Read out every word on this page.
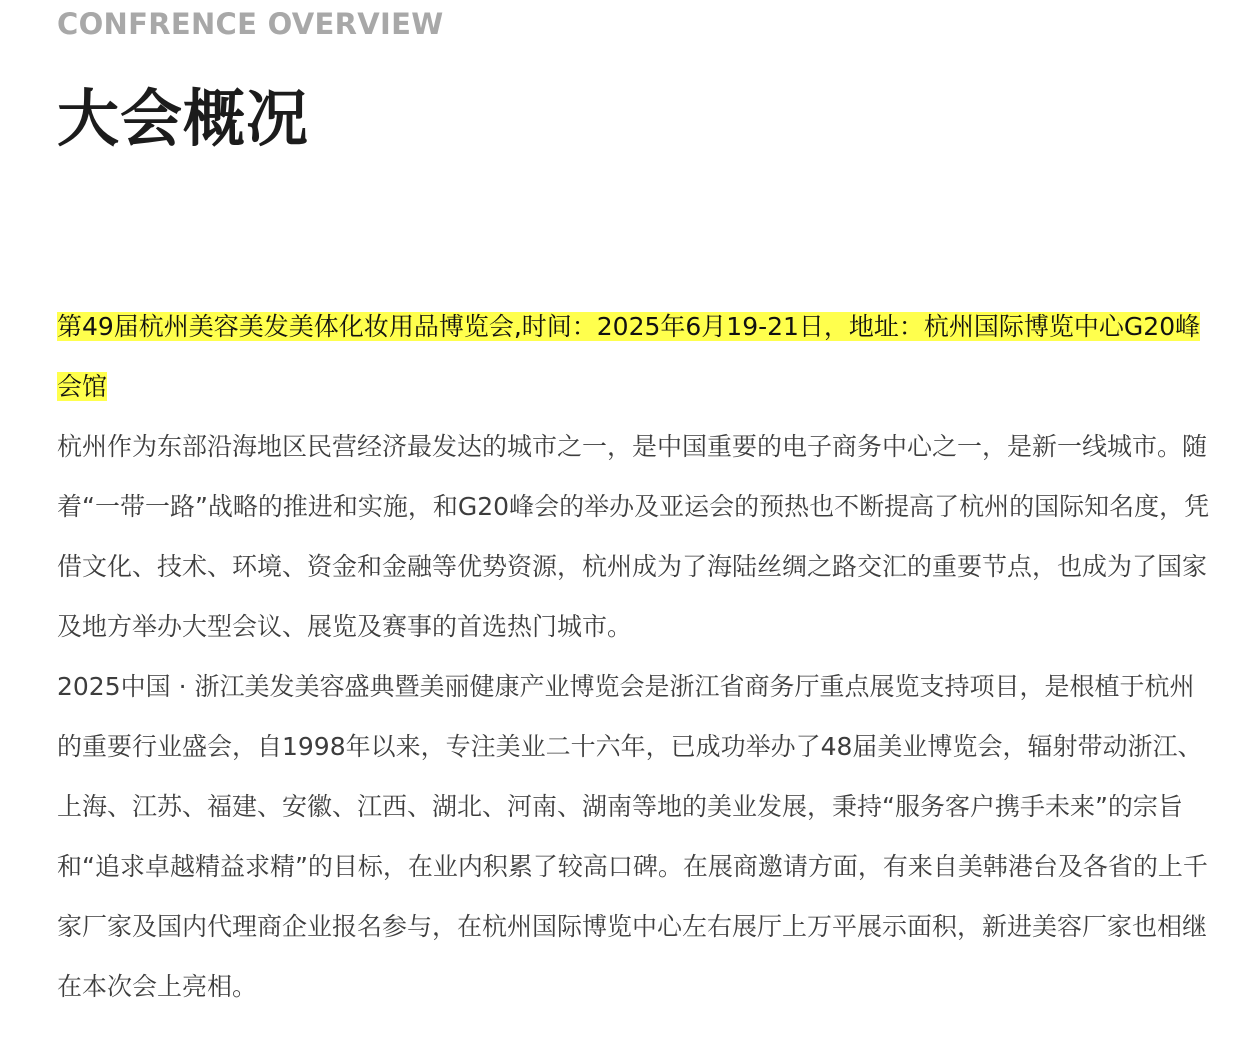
CONFRENCE OVERVIEW
大会概况

第49届杭州美容美发美体化妆用品博览会,时间：2025年6月19-21日，地址：杭州国际博览中心G20峰会馆

杭州作为东部沿海地区民营经济最发达的城市之一，是中国重要的电子商务中心之一，是新一线城市。随着“一带一路”战略的推进和实施，和G20峰会的举办及亚运会的预热也不断提高了杭州的国际知名度，凭借文化、技术、环境、资金和金融等优势资源，杭州成为了海陆丝绸之路交汇的重要节点，也成为了国家及地方举办大型会议、展览及赛事的首选热门城市。

2025中国 · 浙江美发美容盛典暨美丽健康产业博览会是浙江省商务厅重点展览支持项目，是根植于杭州的重要行业盛会，自1998年以来，专注美业二十六年，已成功举办了48届美业博览会，辐射带动浙江、上海、江苏、福建、安徽、江西、湖北、河南、湖南等地的美业发展，秉持“服务客户携手未来”的宗旨和“追求卓越精益求精”的目标，在业内积累了较高口碑。在展商邀请方面，有来自美韩港台及各省的上千家厂家及国内代理商企业报名参与，在杭州国际博览中心左右展厅上万平展示面积，新进美容厂家也相继在本次会上亮相。
